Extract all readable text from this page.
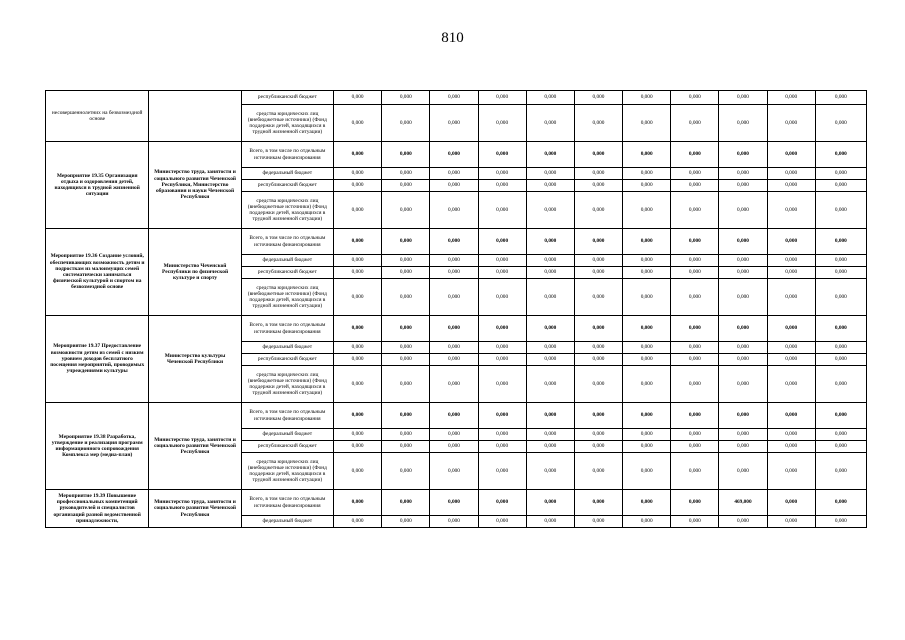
810
несовершеннолетних на безвозмездной основе		республиканский бюджет	0,000	0,000	0,000	0,000	0,000	0,000	0,000	0,000	0,000	0,000	0,000
		средства юридических лиц (внебюджетные источники) (Фонд поддержки детей, находящихся в трудной жизненной ситуации)	0,000	0,000	0,000	0,000	0,000	0,000	0,000	0,000	0,000	0,000	0,000
Мероприятие 19.35 Организация отдыха и оздоровления детей, находящихся в трудной жизненной ситуации	Министерство труда, занятости и социального развития Чеченской Республики, Министерство образования и науки Чеченской Республики	Всего, в том числе по отдельным источникам финансирования	0,000	0,000	0,000	0,000	0,000	0,000	0,000	0,000	0,000	0,000	0,000
		федеральный бюджет	0,000	0,000	0,000	0,000	0,000	0,000	0,000	0,000	0,000	0,000	0,000
		республиканский бюджет	0,000	0,000	0,000	0,000	0,000	0,000	0,000	0,000	0,000	0,000	0,000
		средства юридических лиц (внебюджетные источники) (Фонд поддержки детей, находящихся в трудной жизненной ситуации)	0,000	0,000	0,000	0,000	0,000	0,000	0,000	0,000	0,000	0,000	0,000
Мероприятие 19.36 Создание условий, обеспечивающих возможность детям и подросткам из малоимущих семей систематически заниматься физической культурой и спортом на безвозмездной основе	Министерство Чеченской Республики по физической культуре и спорту	Всего, в том числе по отдельным источникам финансирования	0,000	0,000	0,000	0,000	0,000	0,000	0,000	0,000	0,000	0,000	0,000
		федеральный бюджет	0,000	0,000	0,000	0,000	0,000	0,000	0,000	0,000	0,000	0,000	0,000
		республиканский бюджет	0,000	0,000	0,000	0,000	0,000	0,000	0,000	0,000	0,000	0,000	0,000
		средства юридических лиц (внебюджетные источники) (Фонд поддержки детей, находящихся в трудной жизненной ситуации)	0,000	0,000	0,000	0,000	0,000	0,000	0,000	0,000	0,000	0,000	0,000
Мероприятие 19.37 Предоставление возможности детям из семей с низким уровнем доходов бесплатного посещения мероприятий, проводимых учреждениями культуры	Министерство культуры Чеченской Республики	Всего, в том числе по отдельным источникам финансирования	0,000	0,000	0,000	0,000	0,000	0,000	0,000	0,000	0,000	0,000	0,000
		федеральный бюджет	0,000	0,000	0,000	0,000	0,000	0,000	0,000	0,000	0,000	0,000	0,000
		республиканский бюджет	0,000	0,000	0,000	0,000	0,000	0,000	0,000	0,000	0,000	0,000	0,000
		средства юридических лиц (внебюджетные источники) (Фонд поддержки детей, находящихся в трудной жизненной ситуации)	0,000	0,000	0,000	0,000	0,000	0,000	0,000	0,000	0,000	0,000	0,000
Мероприятие 19.38 Разработка, утверждение и реализация программ информационного сопровождения Комплекса мер (медиа-план)	Министерство труда, занятости и социального развития Чеченской Республики	Всего, в том числе по отдельным источникам финансирования	0,000	0,000	0,000	0,000	0,000	0,000	0,000	0,000	0,000	0,000	0,000
		федеральный бюджет	0,000	0,000	0,000	0,000	0,000	0,000	0,000	0,000	0,000	0,000	0,000
		республиканский бюджет	0,000	0,000	0,000	0,000	0,000	0,000	0,000	0,000	0,000	0,000	0,000
		средства юридических лиц (внебюджетные источники) (Фонд поддержки детей, находящихся в трудной жизненной ситуации)	0,000	0,000	0,000	0,000	0,000	0,000	0,000	0,000	0,000	0,000	0,000
Мероприятие 19.39 Повышение профессиональных компетенций руководителей и специалистов организаций разной ведомственной принадлежности,	Министерство труда, занятости и социального развития Чеченской Республики	Всего, в том числе по отдельным источникам финансирования	0,000	0,000	0,000	0,000	0,000	0,000	0,000	0,000	469,000	0,000	0,000
		федеральный бюджет	0,000	0,000	0,000	0,000	0,000	0,000	0,000	0,000	0,000	0,000	0,000
